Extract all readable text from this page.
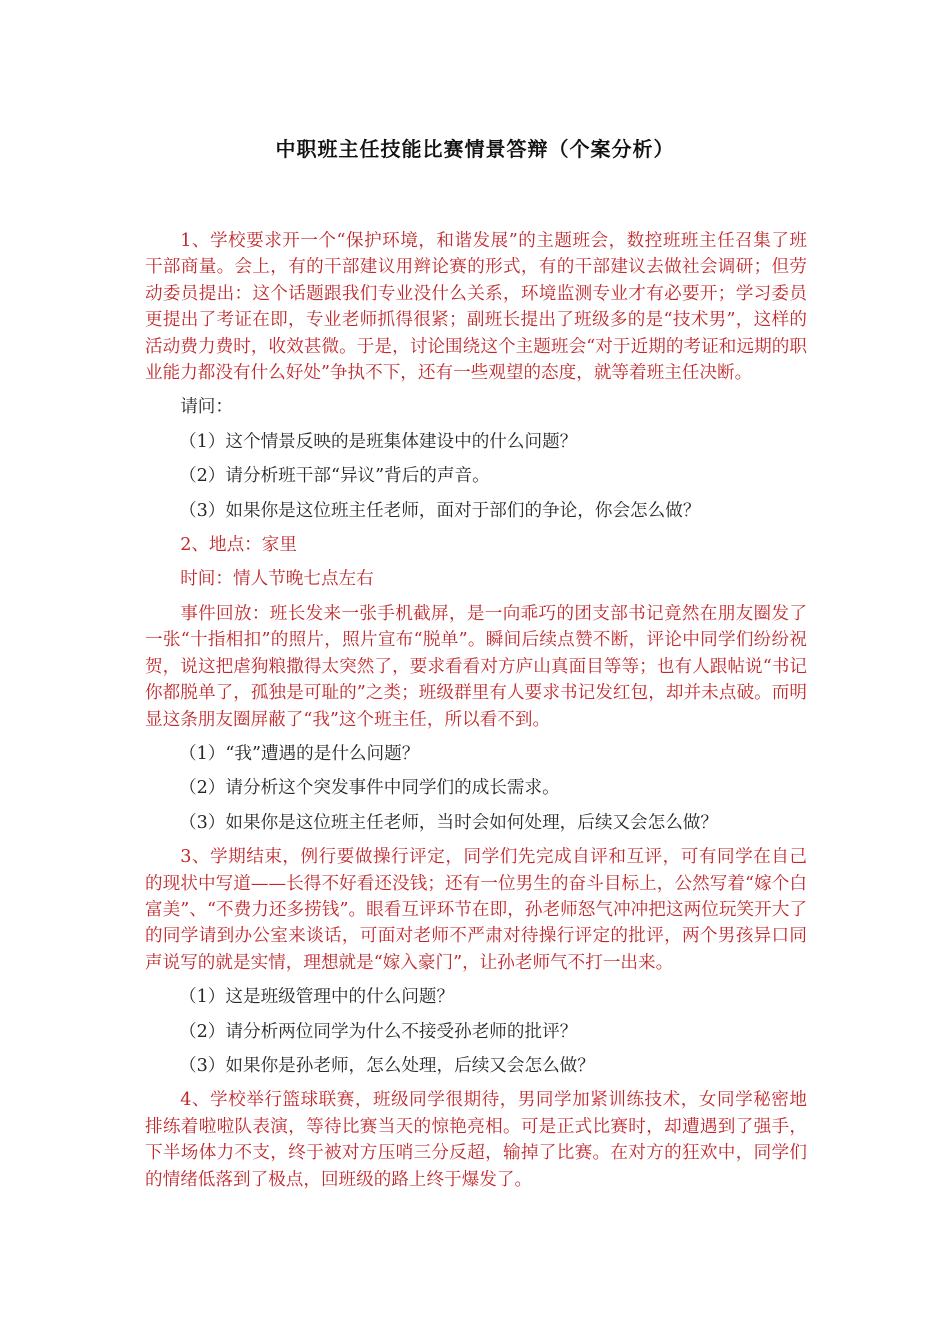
中职班主任技能比赛情景答辩（个案分析）

1、学校要求开一个“保护环境，和谐发展”的主题班会，数控班班主任召集了班干部商量。会上，有的干部建议用辫论赛的形式，有的干部建议去做社会调研；但劳动委员提出：这个话题跟我们专业没什么关系，环境监测专业才有必要开；学习委员更提出了考证在即，专业老师抓得很紧；副班长提出了班级多的是“技术男”，这样的活动费力费时，收效甚微。于是，讨论围绕这个主题班会“对于近期的考证和远期的职业能力都没有什么好处”争执不下，还有一些观望的态度，就等着班主任决断。

请问：

（1）这个情景反映的是班集体建设中的什么问题？

（2）请分析班干部“异议”背后的声音。

（3）如果你是这位班主任老师，面对于部们的争论，你会怎么做？

2、地点：家里

时间：情人节晚七点左右

事件回放：班长发来一张手机截屏，是一向乖巧的团支部书记竟然在朋友圈发了一张“十指相扣”的照片，照片宣布“脱单”。瞬间后续点赞不断，评论中同学们纷纷祝贺，说这把虐狗粮撒得太突然了，要求看看对方庐山真面目等等；也有人跟帖说“书记你都脱单了，孤独是可耻的”之类；班级群里有人要求书记发红包，却并未点破。而明显这条朋友圈屏蔽了“我”这个班主任，所以看不到。

（1）“我”遭遇的是什么问题？

（2）请分析这个突发事件中同学们的成长需求。

（3）如果你是这位班主任老师，当时会如何处理，后续又会怎么做？

3、学期结束，例行要做操行评定，同学们先完成自评和互评，可有同学在自己的现状中写道——长得不好看还没钱；还有一位男生的奋斗目标上，公然写着“嫁个白富美”、“不费力还多捞钱”。眼看互评环节在即，孙老师怒气冲冲把这两位玩笑开大了的同学请到办公室来谈话，可面对老师不严肃对待操行评定的批评，两个男孩异口同声说写的就是实情，理想就是“嫁入豪门”，让孙老师气不打一出来。

（1）这是班级管理中的什么问题？

（2）请分析两位同学为什么不接受孙老师的批评？

（3）如果你是孙老师，怎么处理，后续又会怎么做？

4、学校举行篮球联赛，班级同学很期待，男同学加紧训练技术，女同学秘密地排练着啦啦队表演，等待比赛当天的惊艳亮相。可是正式比赛时，却遭遇到了强手，下半场体力不支，终于被对方压哨三分反超，输掉了比赛。在对方的狂欢中，同学们的情绪低落到了极点，回班级的路上终于爆发了。
